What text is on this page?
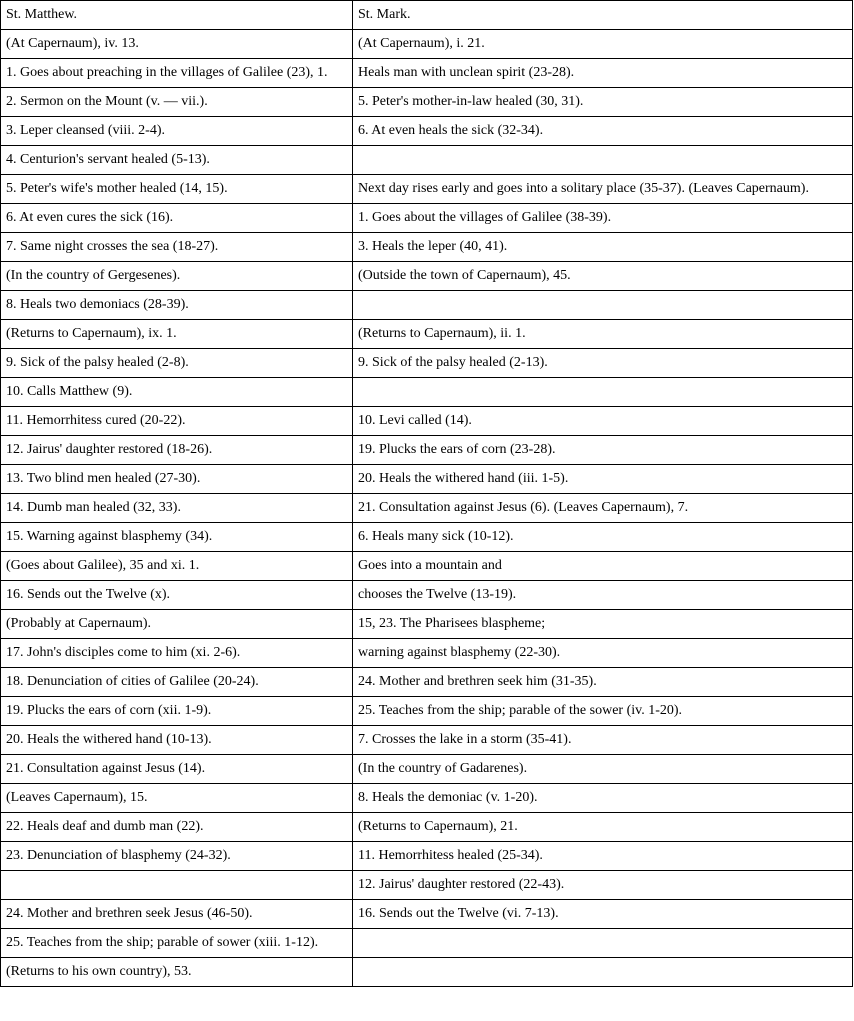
St. Matthew.	St. Mark.
(At Capernaum), iv. 13.	(At Capernaum), i. 21.
1. Goes about preaching in the villages of Galilee (23), 1.	Heals man with unclean spirit (23-28).
2. Sermon on the Mount (v. — vii.).	5. Peter's mother-in-law healed (30, 31).
3. Leper cleansed (viii. 2-4).	6. At even heals the sick (32-34).
4. Centurion's servant healed (5-13).	
5. Peter's wife's mother healed (14, 15).	Next day rises early and goes into a solitary place (35-37). (Leaves Capernaum).
6. At even cures the sick (16).	1. Goes about the villages of Galilee (38-39).
7. Same night crosses the sea (18-27).	3. Heals the leper (40, 41).
(In the country of Gergesenes).	(Outside the town of Capernaum), 45.
8. Heals two demoniacs (28-39).	
(Returns to Capernaum), ix. 1.	(Returns to Capernaum), ii. 1.
9. Sick of the palsy healed (2-8).	9. Sick of the palsy healed (2-13).
10. Calls Matthew (9).	
11. Hemorrhitess cured (20-22).	10. Levi called (14).
12. Jairus' daughter restored (18-26).	19. Plucks the ears of corn (23-28).
13. Two blind men healed (27-30).	20. Heals the withered hand (iii. 1-5).
14. Dumb man healed (32, 33).	21. Consultation against Jesus (6). (Leaves Capernaum), 7.
15. Warning against blasphemy (34).	6. Heals many sick (10-12).
(Goes about Galilee), 35 and xi. 1.	Goes into a mountain and
16. Sends out the Twelve (x).	chooses the Twelve (13-19).
(Probably at Capernaum).	15, 23. The Pharisees blaspheme;
17. John's disciples come to him (xi. 2-6).	warning against blasphemy (22-30).
18. Denunciation of cities of Galilee (20-24).	24. Mother and brethren seek him (31-35).
19. Plucks the ears of corn (xii. 1-9).	25. Teaches from the ship; parable of the sower (iv. 1-20).
20. Heals the withered hand (10-13).	7. Crosses the lake in a storm (35-41).
21. Consultation against Jesus (14).	(In the country of Gadarenes).
(Leaves Capernaum), 15.	8. Heals the demoniac (v. 1-20).
22. Heals deaf and dumb man (22).	(Returns to Capernaum), 21.
23. Denunciation of blasphemy (24-32).	11. Hemorrhitess healed (25-34).
	12. Jairus' daughter restored (22-43).
24. Mother and brethren seek Jesus (46-50).	16. Sends out the Twelve (vi. 7-13).
25. Teaches from the ship; parable of sower (xiii. 1-12).	
(Returns to his own country), 53.	
